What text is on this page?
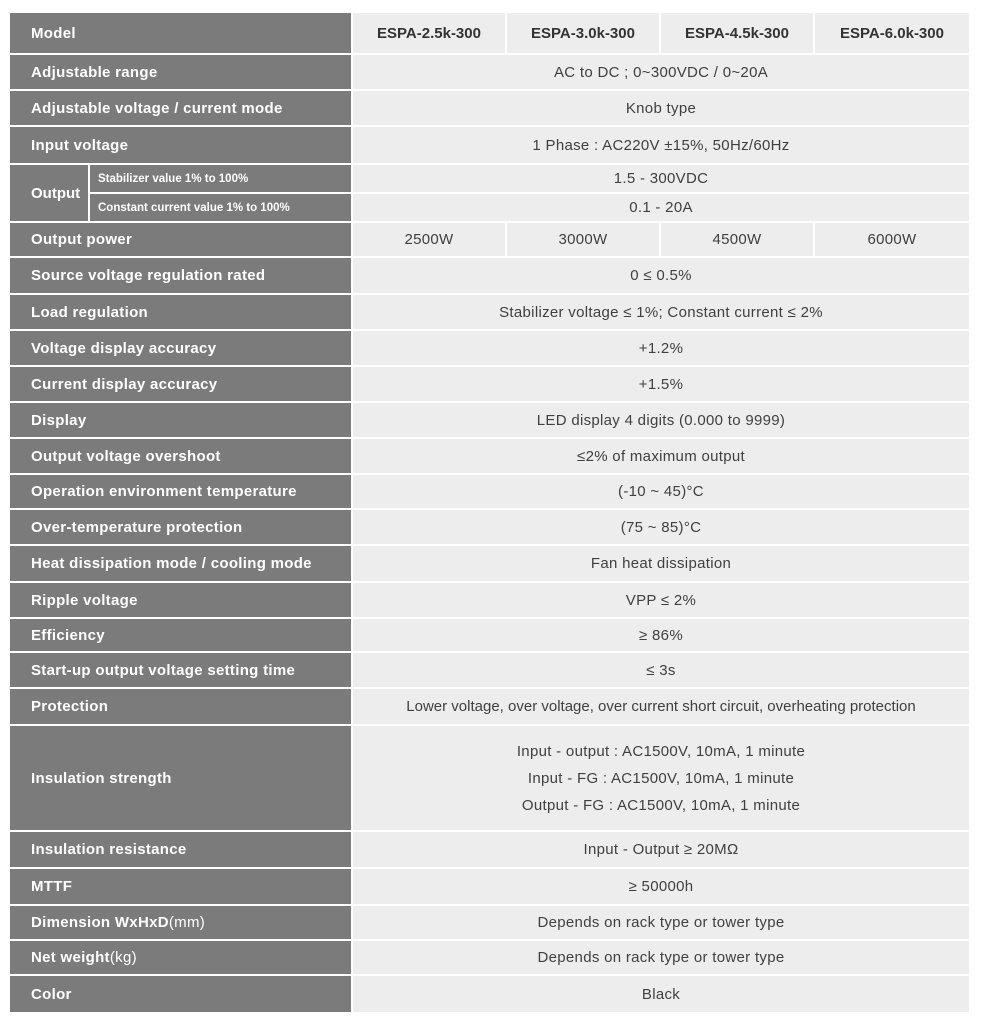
Model		ESPA-2.5k-300	ESPA-3.0k-300	ESPA-4.5k-300	ESPA-6.0k-300
Adjustable range		AC to DC ; 0~300VDC / 0~20A			
Adjustable voltage / current mode		Knob type			
Input voltage		1 Phase : AC220V ±15%, 50Hz/60Hz			
Output	Stabilizer value 1% to 100%	1.5 - 300VDC			
	Constant current value 1% to 100%	0.1 - 20A			
Output power		2500W	3000W	4500W	6000W
Source voltage regulation rated		0 ≤ 0.5%			
Load regulation		Stabilizer voltage ≤ 1%; Constant current ≤ 2%			
Voltage display accuracy		+1.2%			
Current display accuracy		+1.5%			
Display		LED display 4 digits (0.000 to 9999)			
Output voltage overshoot		≤2% of maximum output			
Operation environment temperature		(-10 ~ 45)°C			
Over-temperature protection		(75 ~ 85)°C			
Heat dissipation mode / cooling mode		Fan heat dissipation			
Ripple voltage		VPP ≤ 2%			
Efficiency		≥ 86%			
Start-up output voltage setting time		≤ 3s			
Protection		Lower voltage, over voltage, over current short circuit, overheating protection			
Insulation strength		Input - output : AC1500V, 10mA, 1 minute
Input - FG : AC1500V, 10mA, 1 minute
Output - FG : AC1500V, 10mA, 1 minute			

Insulation resistance		Input - Output ≥ 20MΩ			
MTTF		≥ 50000h			
Dimension WxHxD(mm)		Depends on rack type or tower type			
Net weight(kg)		Depends on rack type or tower type			
Color		Black			
